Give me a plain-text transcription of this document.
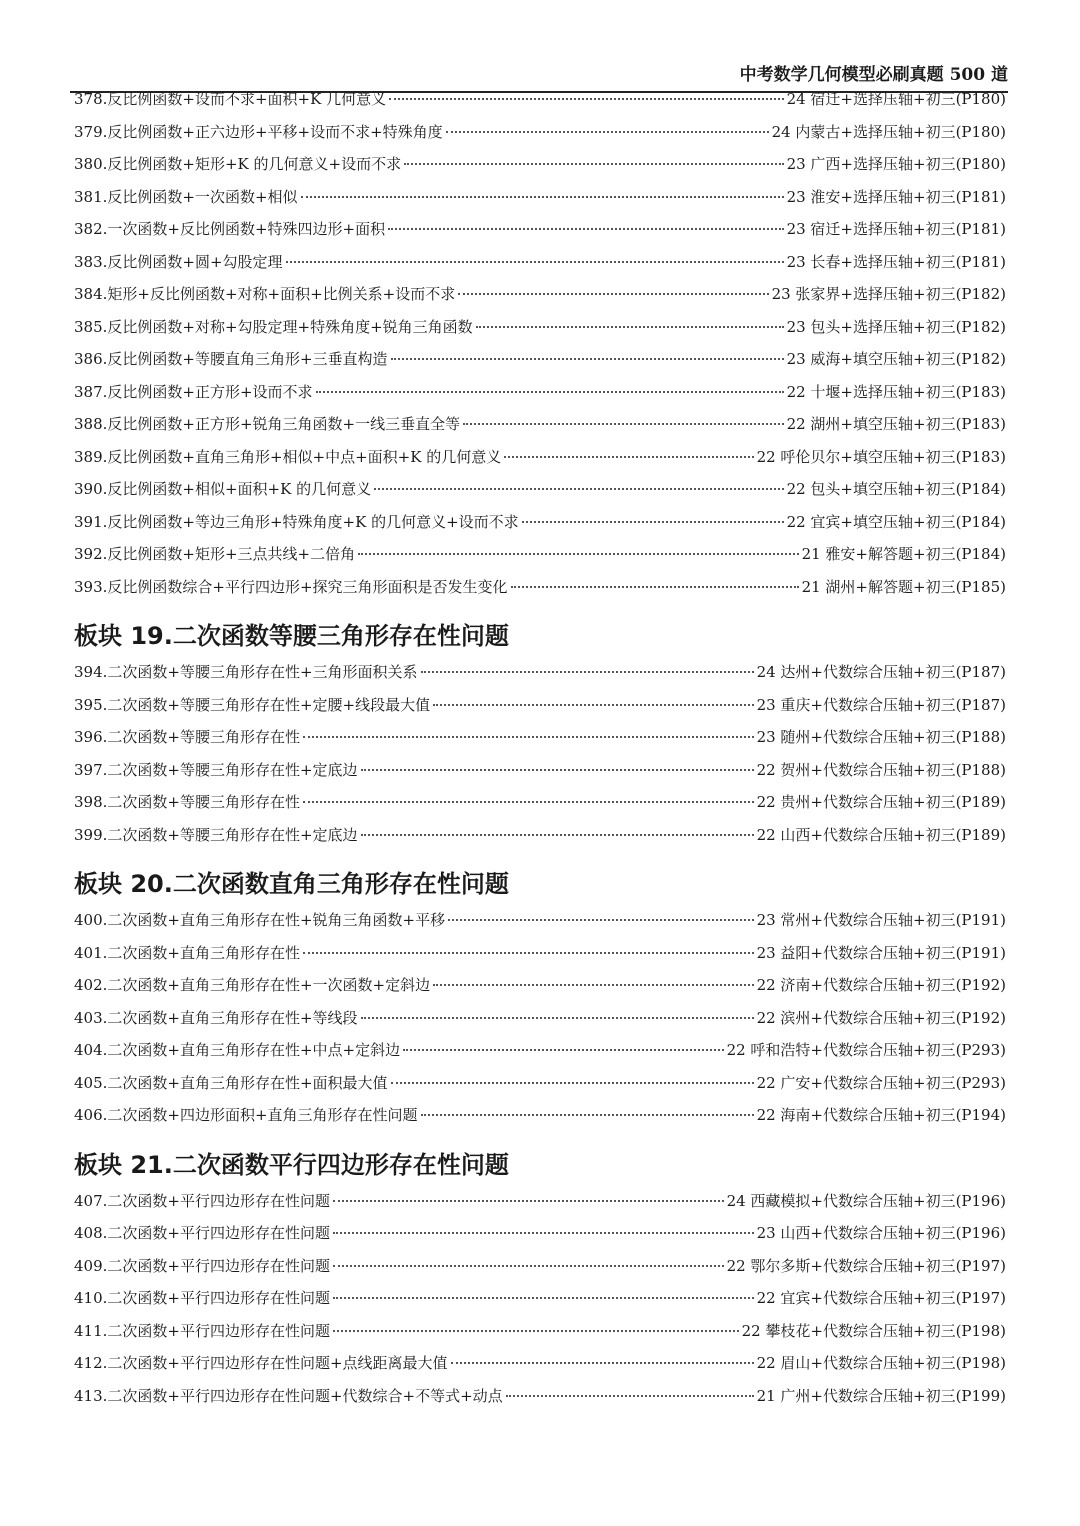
中考数学几何模型必刷真题 500 道
378.反比例函数+设而不求+面积+K 几何意义	24 宿迁+选择压轴+初三(P180)
379.反比例函数+正六边形+平移+设而不求+特殊角度	24 内蒙古+选择压轴+初三(P180)
380.反比例函数+矩形+K 的几何意义+设而不求	23 广西+选择压轴+初三(P180)
381.反比例函数+一次函数+相似	23 淮安+选择压轴+初三(P181)
382.一次函数+反比例函数+特殊四边形+面积	23 宿迁+选择压轴+初三(P181)
383.反比例函数+圆+勾股定理	23 长春+选择压轴+初三(P181)
384.矩形+反比例函数+对称+面积+比例关系+设而不求	23 张家界+选择压轴+初三(P182)
385.反比例函数+对称+勾股定理+特殊角度+锐角三角函数	23 包头+选择压轴+初三(P182)
386.反比例函数+等腰直角三角形+三垂直构造	23 威海+填空压轴+初三(P182)
387.反比例函数+正方形+设而不求	22 十堰+选择压轴+初三(P183)
388.反比例函数+正方形+锐角三角函数+一线三垂直全等	22 湖州+填空压轴+初三(P183)
389.反比例函数+直角三角形+相似+中点+面积+K 的几何意义	22 呼伦贝尔+填空压轴+初三(P183)
390.反比例函数+相似+面积+K 的几何意义	22 包头+填空压轴+初三(P184)
391.反比例函数+等边三角形+特殊角度+K 的几何意义+设而不求	22 宜宾+填空压轴+初三(P184)
392.反比例函数+矩形+三点共线+二倍角	21 雅安+解答题+初三(P184)
393.反比例函数综合+平行四边形+探究三角形面积是否发生变化	21 湖州+解答题+初三(P185)
板块 19.二次函数等腰三角形存在性问题
394.二次函数+等腰三角形存在性+三角形面积关系	24 达州+代数综合压轴+初三(P187)
395.二次函数+等腰三角形存在性+定腰+线段最大值	23 重庆+代数综合压轴+初三(P187)
396.二次函数+等腰三角形存在性	23 随州+代数综合压轴+初三(P188)
397.二次函数+等腰三角形存在性+定底边	22 贺州+代数综合压轴+初三(P188)
398.二次函数+等腰三角形存在性	22 贵州+代数综合压轴+初三(P189)
399.二次函数+等腰三角形存在性+定底边	22 山西+代数综合压轴+初三(P189)
板块 20.二次函数直角三角形存在性问题
400.二次函数+直角三角形存在性+锐角三角函数+平移	23 常州+代数综合压轴+初三(P191)
401.二次函数+直角三角形存在性	23 益阳+代数综合压轴+初三(P191)
402.二次函数+直角三角形存在性+一次函数+定斜边	22 济南+代数综合压轴+初三(P192)
403.二次函数+直角三角形存在性+等线段	22 滨州+代数综合压轴+初三(P192)
404.二次函数+直角三角形存在性+中点+定斜边	22 呼和浩特+代数综合压轴+初三(P293)
405.二次函数+直角三角形存在性+面积最大值	22 广安+代数综合压轴+初三(P293)
406.二次函数+四边形面积+直角三角形存在性问题	22 海南+代数综合压轴+初三(P194)
板块 21.二次函数平行四边形存在性问题
407.二次函数+平行四边形存在性问题	24 西藏模拟+代数综合压轴+初三(P196)
408.二次函数+平行四边形存在性问题	23 山西+代数综合压轴+初三(P196)
409.二次函数+平行四边形存在性问题	22 鄂尔多斯+代数综合压轴+初三(P197)
410.二次函数+平行四边形存在性问题	22 宜宾+代数综合压轴+初三(P197)
411.二次函数+平行四边形存在性问题	22 攀枝花+代数综合压轴+初三(P198)
412.二次函数+平行四边形存在性问题+点线距离最大值	22 眉山+代数综合压轴+初三(P198)
413.二次函数+平行四边形存在性问题+代数综合+不等式+动点	21 广州+代数综合压轴+初三(P199)
